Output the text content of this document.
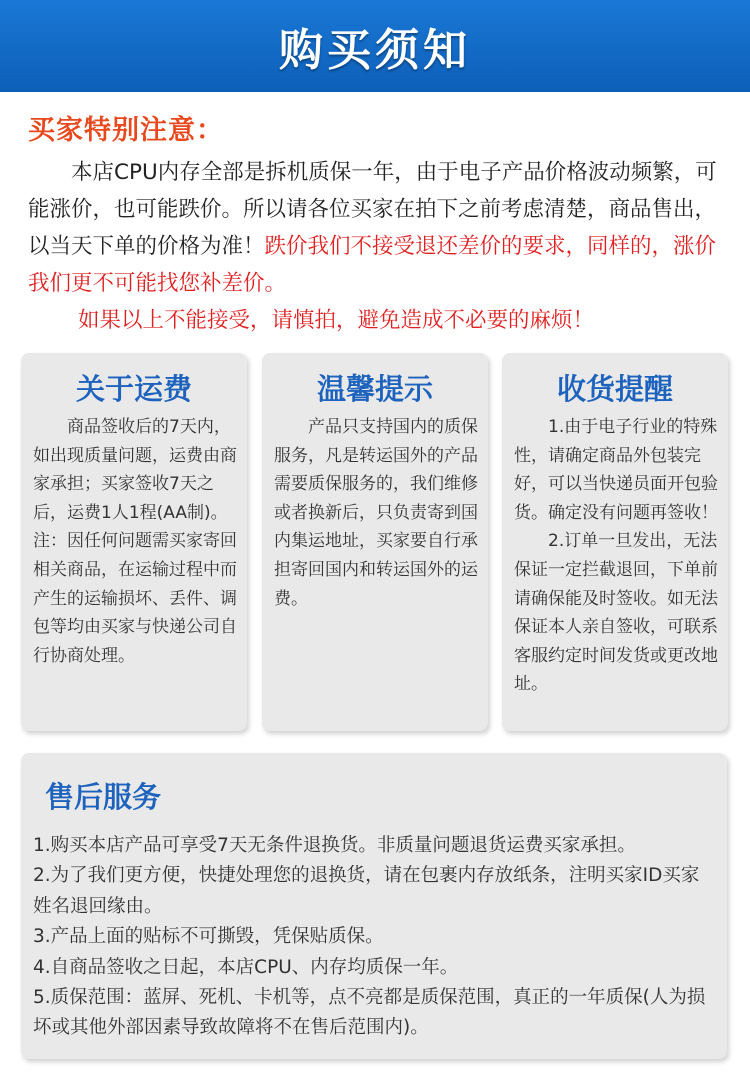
购买须知
买家特别注意：
本店CPU内存全部是拆机质保一年，由于电子产品价格波动频繁，可能涨价，也可能跌价。所以请各位买家在拍下之前考虑清楚，商品售出，以当天下单的价格为准！跌价我们不接受退还差价的要求，同样的，涨价我们更不可能找您补差价。
如果以上不能接受，请慎拍，避免造成不必要的麻烦！
关于运费

商品签收后的7天内，如出现质量问题，运费由商家承担；买家签收7天之后，运费1人1程(AA制)。

注：因任何问题需买家寄回相关商品，在运输过程中而产生的运输损坏、丢件、调包等均由买家与快递公司自行协商处理。

温馨提示

产品只支持国内的质保服务，凡是转运国外的产品需要质保服务的，我们维修或者换新后，只负责寄到国内集运地址，买家要自行承担寄回国内和转运国外的运费。

收货提醒

1.由于电子行业的特殊性，请确定商品外包装完好，可以当快递员面开包验货。确定没有问题再签收！

2.订单一旦发出，无法保证一定拦截退回，下单前请确保能及时签收。如无法保证本人亲自签收，可联系客服约定时间发货或更改地址。

售后服务

1.购买本店产品可享受7天无条件退换货。非质量问题退货运费买家承担。

2.为了我们更方便，快捷处理您的退换货，请在包裹内存放纸条，注明买家ID买家姓名退回缘由。

3.产品上面的贴标不可撕毁，凭保贴质保。

4.自商品签收之日起，本店CPU、内存均质保一年。

5.质保范围：蓝屏、死机、卡机等，点不亮都是质保范围，真正的一年质保(人为损坏或其他外部因素导致故障将不在售后范围内)。
